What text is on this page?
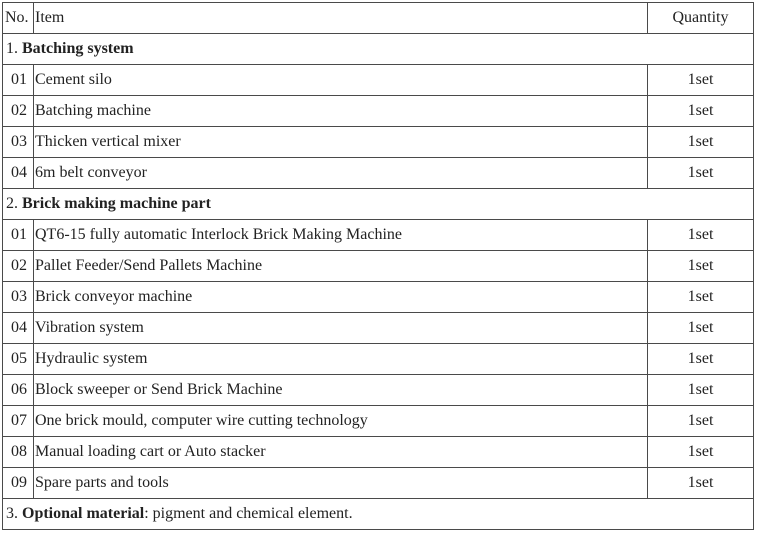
No.	Item	Quantity
1. Batching system		
01	Cement silo	1set
02	Batching machine	1set
03	Thicken vertical mixer	1set
04	6m belt conveyor	1set
2. Brick making machine part		
01	QT6-15 fully automatic Interlock Brick Making Machine	1set
02	Pallet Feeder/Send Pallets Machine	1set
03	Brick conveyor machine	1set
04	Vibration system	1set
05	Hydraulic system	1set
06	Block sweeper or Send Brick Machine	1set
07	One brick mould, computer wire cutting technology	1set
08	Manual loading cart or Auto stacker	1set
09	Spare parts and tools	1set
3. Optional material: pigment and chemical element.		
